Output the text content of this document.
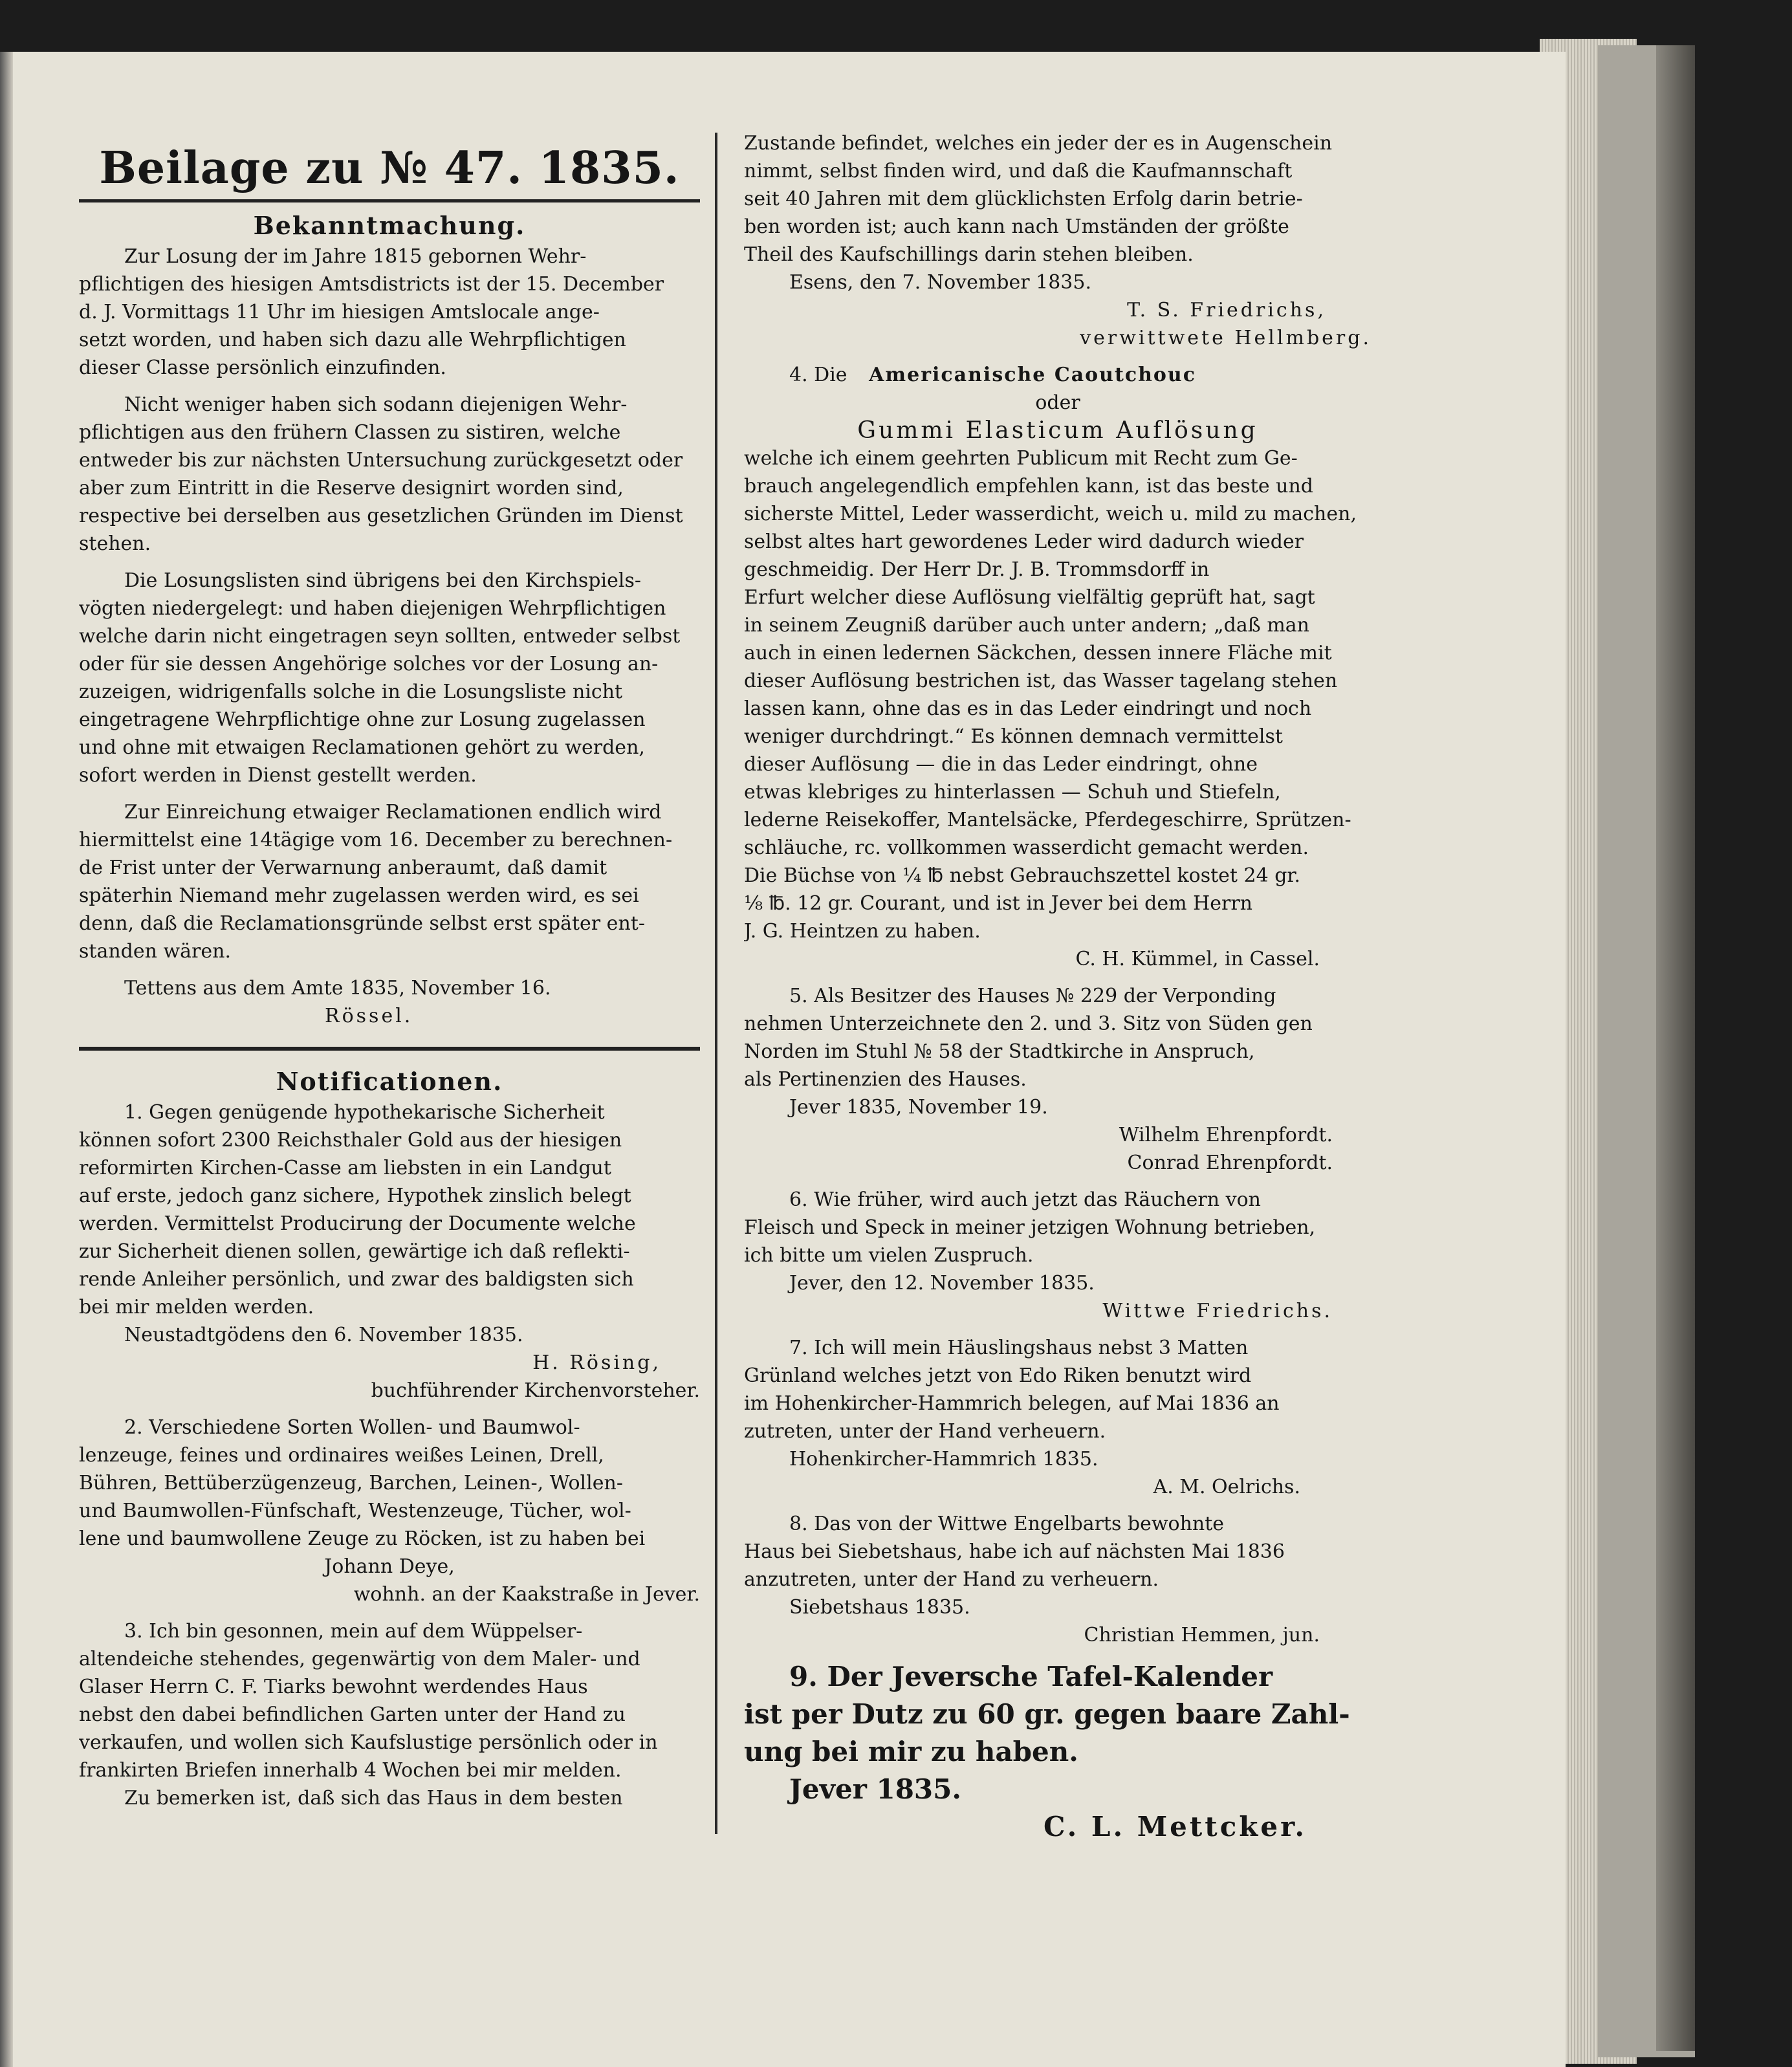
Beilage zu № 47. 1835.
Bekanntmachung.
Zur Losung der im Jahre 1815 gebornen Wehr-
pflichtigen des hiesigen Amtsdistricts ist der 15. December
d. J. Vormittags 11 Uhr im hiesigen Amtslocale ange-
setzt worden, und haben sich dazu alle Wehrpflichtigen
dieser Classe persönlich einzufinden.
Nicht weniger haben sich sodann diejenigen Wehr-
pflichtigen aus den frühern Classen zu sistiren, welche
entweder bis zur nächsten Untersuchung zurückgesetzt oder
aber zum Eintritt in die Reserve designirt worden sind,
respective bei derselben aus gesetzlichen Gründen im Dienst
stehen.
Die Losungslisten sind übrigens bei den Kirchspiels-
vögten niedergelegt: und haben diejenigen Wehrpflichtigen
welche darin nicht eingetragen seyn sollten, entweder selbst
oder für sie dessen Angehörige solches vor der Losung an-
zuzeigen, widrigenfalls solche in die Losungsliste nicht
eingetragene Wehrpflichtige ohne zur Losung zugelassen
und ohne mit etwaigen Reclamationen gehört zu werden,
sofort werden in Dienst gestellt werden.
Zur Einreichung etwaiger Reclamationen endlich wird
hiermittelst eine 14tägige vom 16. December zu berechnen-
de Frist unter der Verwarnung anberaumt, daß damit
späterhin Niemand mehr zugelassen werden wird, es sei
denn, daß die Reclamationsgründe selbst erst später ent-
standen wären.
Tettens aus dem Amte 1835, November 16.
Rössel.
Notificationen.
1. Gegen genügende hypothekarische Sicherheit
können sofort 2300 Reichsthaler Gold aus der hiesigen
reformirten Kirchen-Casse am liebsten in ein Landgut
auf erste, jedoch ganz sichere, Hypothek zinslich belegt
werden. Vermittelst Producirung der Documente welche
zur Sicherheit dienen sollen, gewärtige ich daß reflekti-
rende Anleiher persönlich, und zwar des baldigsten sich
bei mir melden werden.
Neustadtgödens den 6. November 1835.
H. Rösing,
buchführender Kirchenvorsteher.
2. Verschiedene Sorten Wollen- und Baumwol-
lenzeuge, feines und ordinaires weißes Leinen, Drell,
Bühren, Bettüberzügenzeug, Barchen, Leinen-, Wollen-
und Baumwollen-Fünfschaft, Westenzeuge, Tücher, wol-
lene und baumwollene Zeuge zu Röcken, ist zu haben bei
Johann Deye,
wohnh. an der Kaakstraße in Jever.
3. Ich bin gesonnen, mein auf dem Wüppelser-
altendeiche stehendes, gegenwärtig von dem Maler- und
Glaser Herrn C. F. Tiarks bewohnt werdendes Haus
nebst den dabei befindlichen Garten unter der Hand zu
verkaufen, und wollen sich Kaufslustige persönlich oder in
frankirten Briefen innerhalb 4 Wochen bei mir melden.
Zu bemerken ist, daß sich das Haus in dem besten
Zustande befindet, welches ein jeder der es in Augenschein
nimmt, selbst finden wird, und daß die Kaufmannschaft
seit 40 Jahren mit dem glücklichsten Erfolg darin betrie-
ben worden ist; auch kann nach Umständen der größte
Theil des Kaufschillings darin stehen bleiben.
Esens, den 7. November 1835.
T. S. Friedrichs,
verwittwete Hellmberg.
4. Die Americanische Caoutchouc
oder
Gummi Elasticum Auflösung
welche ich einem geehrten Publicum mit Recht zum Ge-
brauch angelegendlich empfehlen kann, ist das beste und
sicherste Mittel, Leder wasserdicht, weich u. mild zu machen,
selbst altes hart gewordenes Leder wird dadurch wieder
geschmeidig. Der Herr Dr. J. B. Trommsdorff in
Erfurt welcher diese Auflösung vielfältig geprüft hat, sagt
in seinem Zeugniß darüber auch unter andern; „daß man
auch in einen ledernen Säckchen, dessen innere Fläche mit
dieser Auflösung bestrichen ist, das Wasser tagelang stehen
lassen kann, ohne das es in das Leder eindringt und noch
weniger durchdringt.“ Es können demnach vermittelst
dieser Auflösung — die in das Leder eindringt, ohne
etwas klebriges zu hinterlassen — Schuh und Stiefeln,
lederne Reisekoffer, Mantelsäcke, Pferdegeschirre, Sprützen-
schläuche, rc. vollkommen wasserdicht gemacht werden.
Die Büchse von ¼ ℔ nebst Gebrauchszettel kostet 24 gr.
⅛ ℔. 12 gr. Courant, und ist in Jever bei dem Herrn
J. G. Heintzen zu haben.
C. H. Kümmel, in Cassel.
5. Als Besitzer des Hauses № 229 der Verponding
nehmen Unterzeichnete den 2. und 3. Sitz von Süden gen
Norden im Stuhl № 58 der Stadtkirche in Anspruch,
als Pertinenzien des Hauses.
Jever 1835, November 19.
Wilhelm Ehrenpfordt.
Conrad Ehrenpfordt.
6. Wie früher, wird auch jetzt das Räuchern von
Fleisch und Speck in meiner jetzigen Wohnung betrieben,
ich bitte um vielen Zuspruch.
Jever, den 12. November 1835.
Wittwe Friedrichs.
7. Ich will mein Häuslingshaus nebst 3 Matten
Grünland welches jetzt von Edo Riken benutzt wird
im Hohenkircher-Hammrich belegen, auf Mai 1836 an
zutreten, unter der Hand verheuern.
Hohenkircher-Hammrich 1835.
A. M. Oelrichs.
8. Das von der Wittwe Engelbarts bewohnte
Haus bei Siebetshaus, habe ich auf nächsten Mai 1836
anzutreten, unter der Hand zu verheuern.
Siebetshaus 1835.
Christian Hemmen, jun.
9. Der Jeversche Tafel-Kalender
ist per Dutz zu 60 gr. gegen baare Zahl-
ung bei mir zu haben.
Jever 1835.
C. L. Mettcker.
